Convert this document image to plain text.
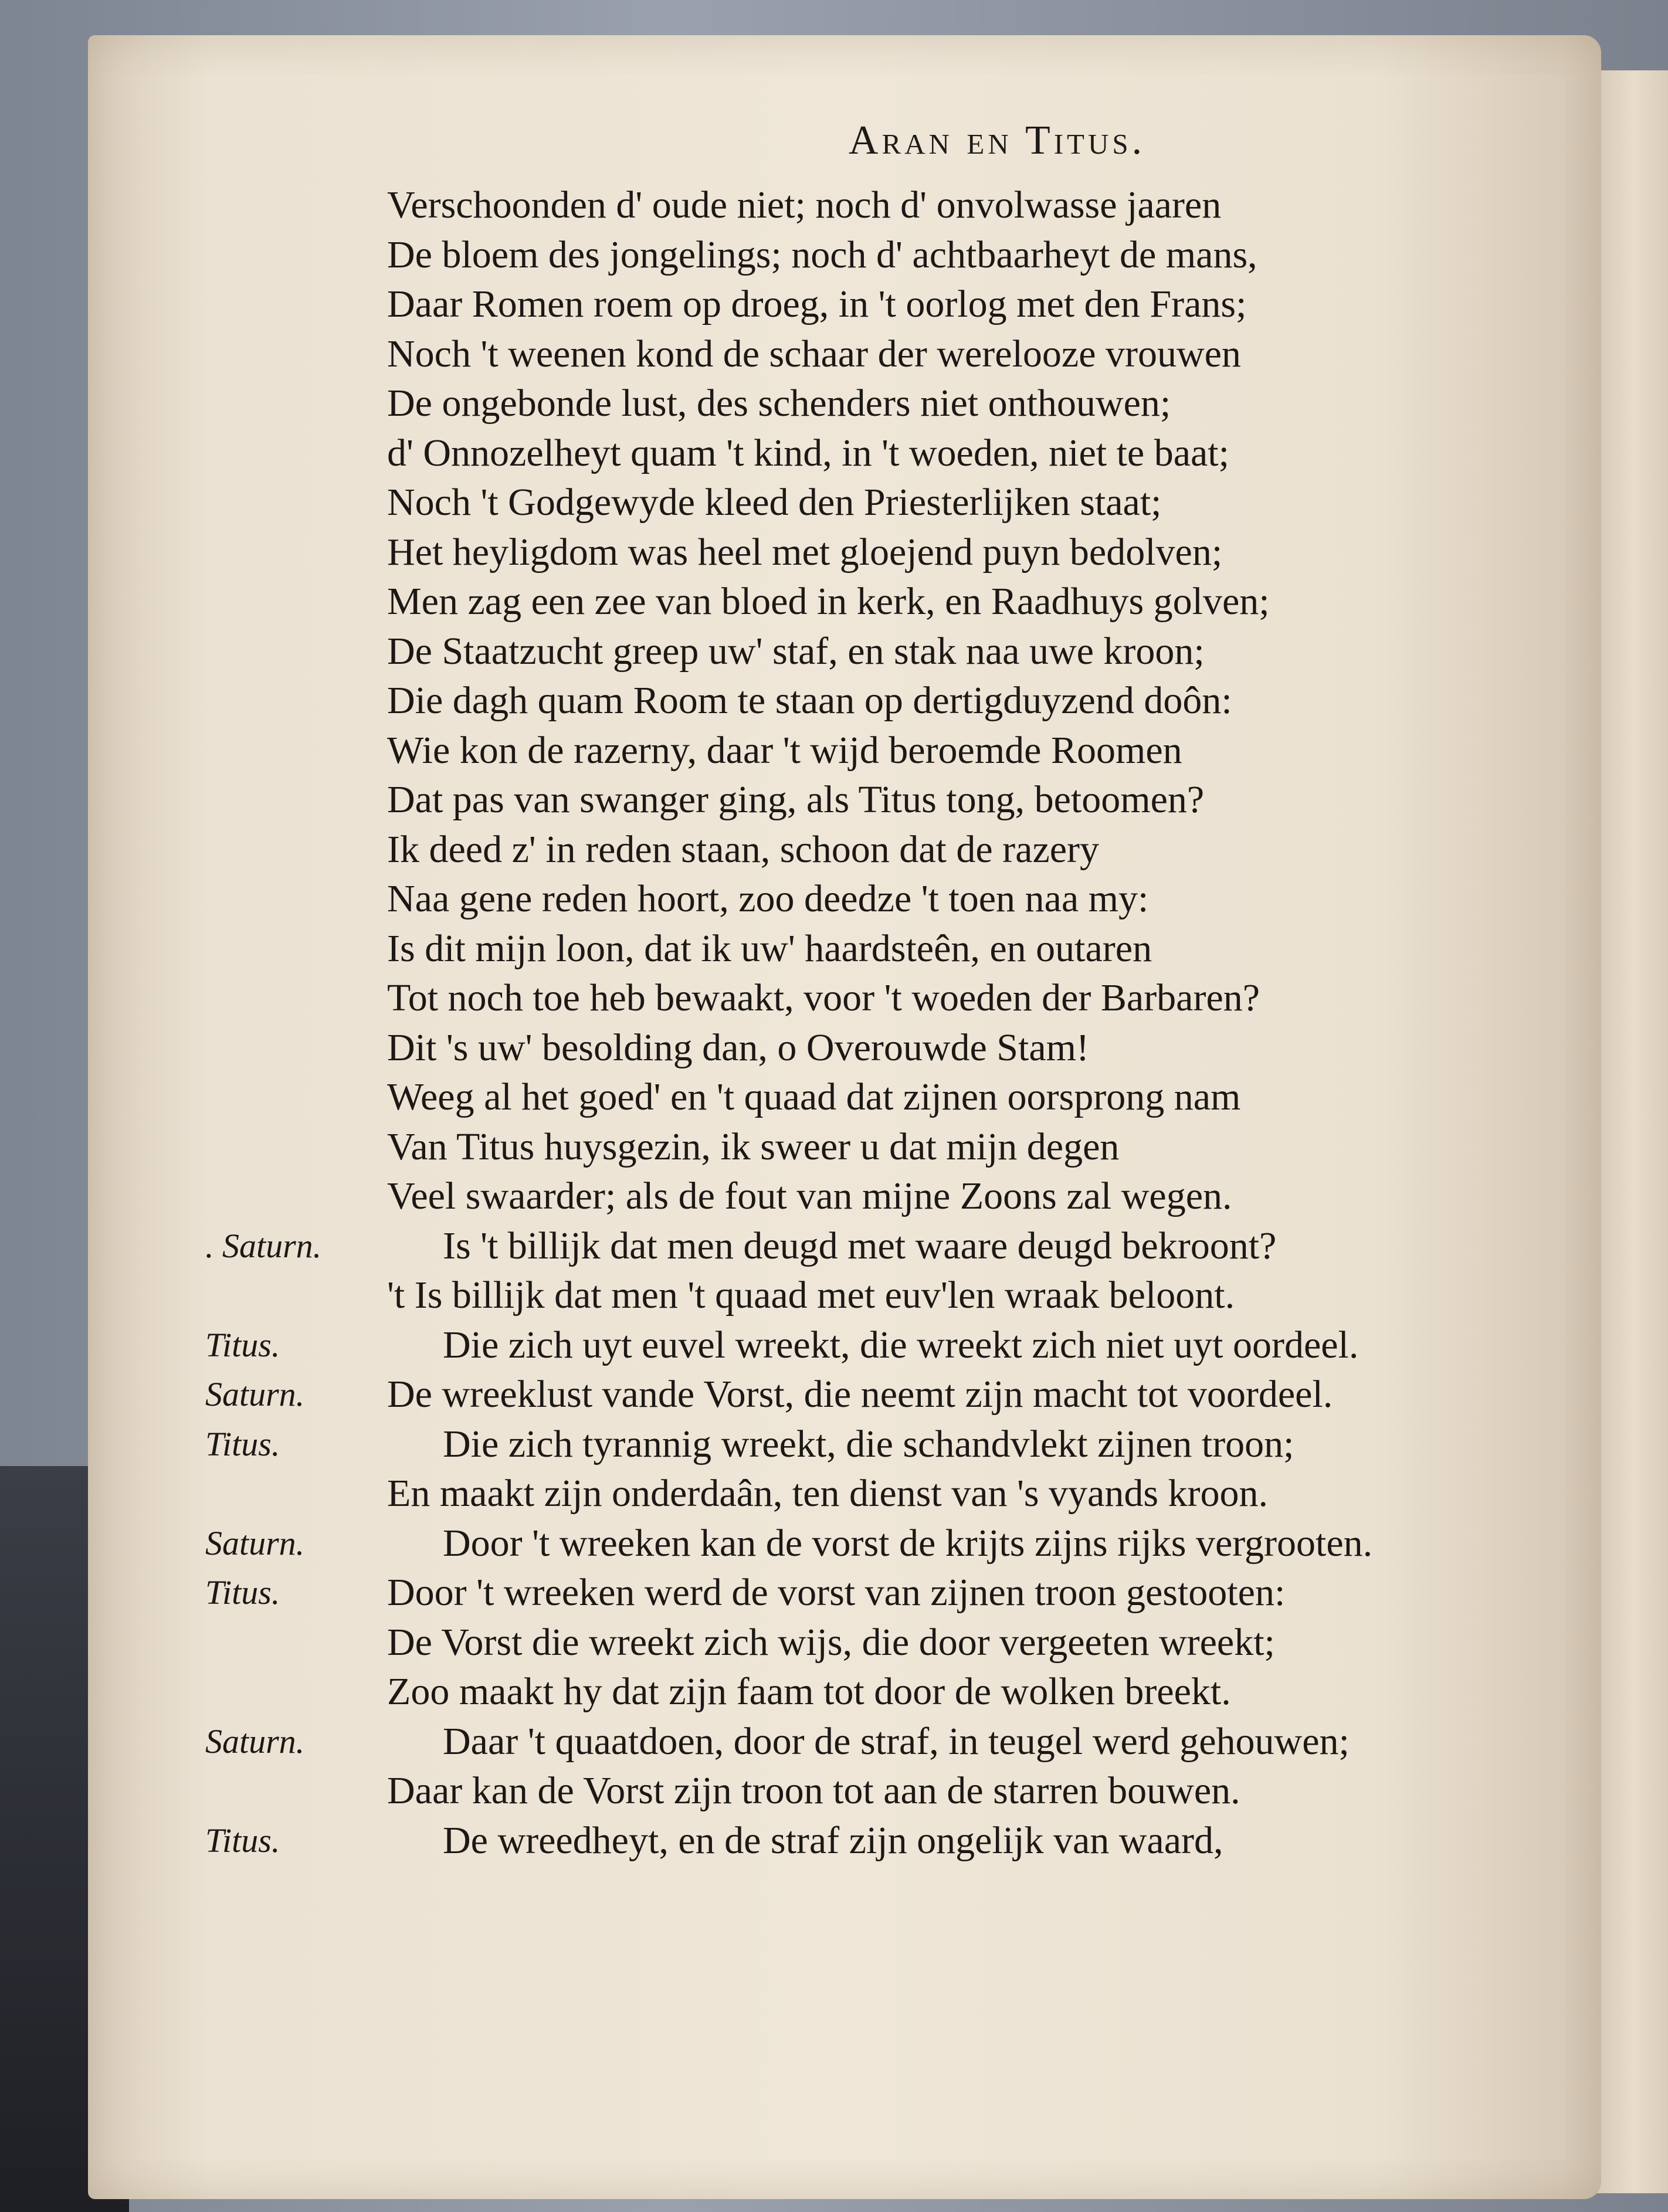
Aran en Titus.
Verschoonden d' oude niet; noch d' onvolwasse jaaren
De bloem des jongelings; noch d' achtbaarheyt de mans,
Daar Romen roem op droeg, in 't oorlog met den Frans;
Noch 't weenen kond de schaar der werelooze vrouwen
De ongebonde lust, des schenders niet onthouwen;
d' Onnozelheyt quam 't kind, in 't woeden, niet te baat;
Noch 't Godgewyde kleed den Priesterlijken staat;
Het heyligdom was heel met gloejend puyn bedolven;
Men zag een zee van bloed in kerk, en Raadhuys golven;
De Staatzucht greep uw' staf, en stak naa uwe kroon;
Die dagh quam Room te staan op dertigduyzend doôn:
Wie kon de razerny, daar 't wijd beroemde Roomen
Dat pas van swanger ging, als Titus tong, betoomen?
Ik deed z' in reden staan, schoon dat de razery
Naa gene reden hoort, zoo deedze 't toen naa my:
Is dit mijn loon, dat ik uw' haardsteên, en outaren
Tot noch toe heb bewaakt, voor 't woeden der Barbaren?
Dit 's uw' besolding dan, o Overouwde Stam!
Weeg al het goed' en 't quaad dat zijnen oorsprong nam
Van Titus huysgezin, ik sweer u dat mijn degen
Veel swaarder; als de fout van mijne Zoons zal wegen.
Is 't billijk dat men deugd met waare deugd bekroont?
. Saturn.
't Is billijk dat men 't quaad met euv'len wraak beloont.
Die zich uyt euvel wreekt, die wreekt zich niet uyt oordeel.
Titus.
De wreeklust vande Vorst, die neemt zijn macht tot voordeel.
Saturn.
Die zich tyrannig wreekt, die schandvlekt zijnen troon;
Titus.
En maakt zijn onderdaân, ten dienst van 's vyands kroon.
Door 't wreeken kan de vorst de krijts zijns rijks vergrooten.
Saturn.
Door 't wreeken werd de vorst van zijnen troon gestooten:
Titus.
De Vorst die wreekt zich wijs, die door vergeeten wreekt;
Zoo maakt hy dat zijn faam tot door de wolken breekt.
Daar 't quaatdoen, door de straf, in teugel werd gehouwen;
Saturn.
Daar kan de Vorst zijn troon tot aan de starren bouwen.
De wreedheyt, en de straf zijn ongelijk van waard,
Titus.
